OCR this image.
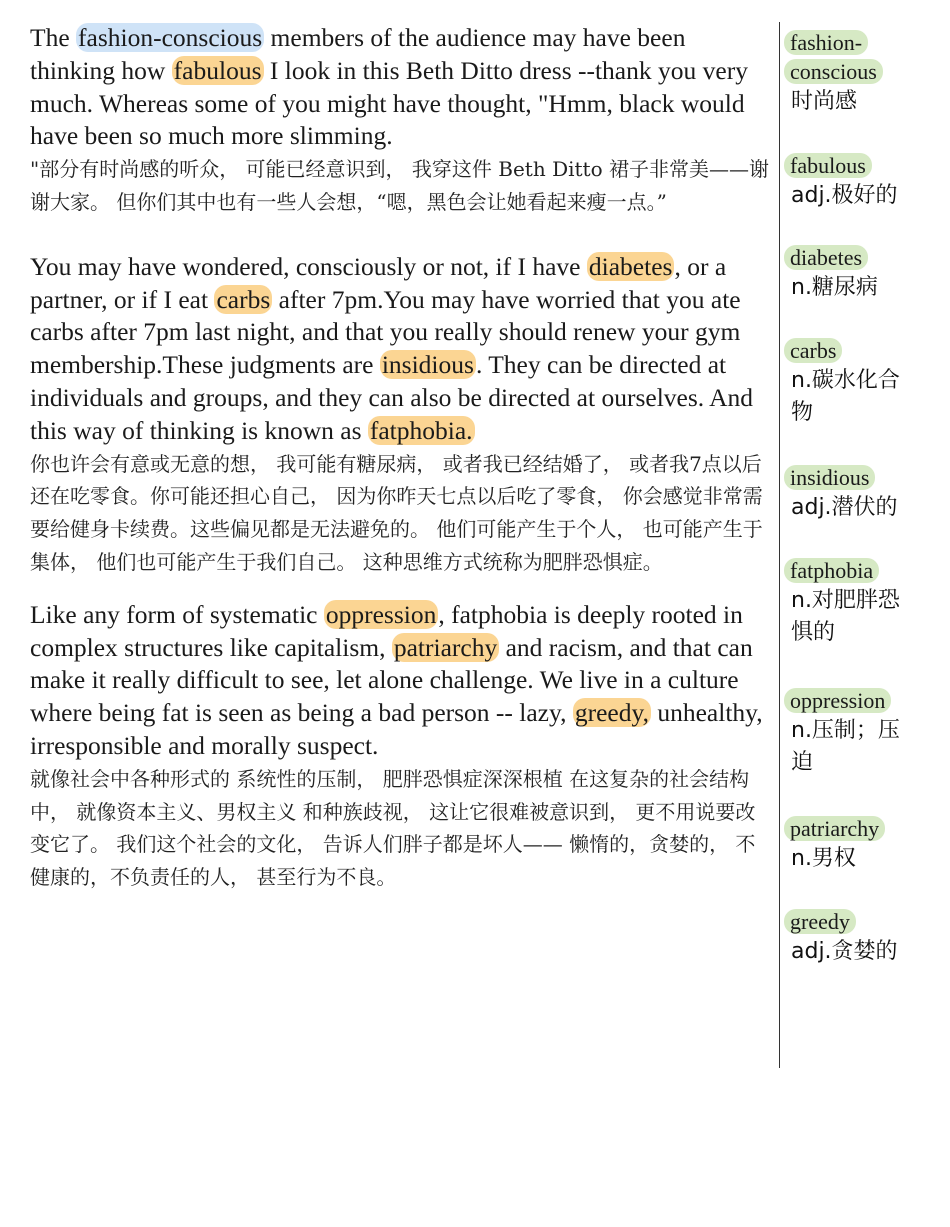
The fashion-conscious members of the audience may have been thinking how fabulous I look in this Beth Ditto dress --thank you very much. Whereas some of you might have thought, "Hmm, black would have been so much more slimming.

"部分有时尚感的听众， 可能已经意识到， 我穿这件 Beth Ditto 裙子非常美——谢谢大家。 但你们其中也有一些人会想，“嗯，黑色会让她看起来瘦一点。”

You may have wondered, consciously or not, if I have diabetes, or a partner, or if I eat carbs after 7pm.You may have worried that you ate carbs after 7pm last night, and that you really should renew your gym membership.These judgments are insidious. They can be directed at individuals and groups, and they can also be directed at ourselves. And this way of thinking is known as fatphobia.

你也许会有意或无意的想， 我可能有糖尿病， 或者我已经结婚了， 或者我7点以后还在吃零食。你可能还担心自己， 因为你昨天七点以后吃了零食， 你会感觉非常需要给健身卡续费。这些偏见都是无法避免的。 他们可能产生于个人， 也可能产生于集体， 他们也可能产生于我们自己。 这种思维方式统称为肥胖恐惧症。

Like any form of systematic oppression, fatphobia is deeply rooted in complex structures like capitalism, patriarchy and racism, and that can make it really difficult to see, let alone challenge. We live in a culture where being fat is seen as being a bad person -- lazy, greedy, unhealthy, irresponsible and morally suspect.

就像社会中各种形式的 系统性的压制， 肥胖恐惧症深深根植 在这复杂的社会结构中， 就像资本主义、男权主义 和种族歧视， 这让它很难被意识到， 更不用说要改变它了。 我们这个社会的文化， 告诉人们胖子都是坏人—— 懒惰的，贪婪的， 不健康的，不负责任的人， 甚至行为不良。

fashion-conscious
时尚感
fabulous
adj.极好的
diabetes
n.糖尿病
carbs
n.碳水化合物
insidious
adj.潜伏的
fatphobia
n.对肥胖恐惧的
oppression
n.压制；压迫
patriarchy
n.男权
greedy
adj.贪婪的
